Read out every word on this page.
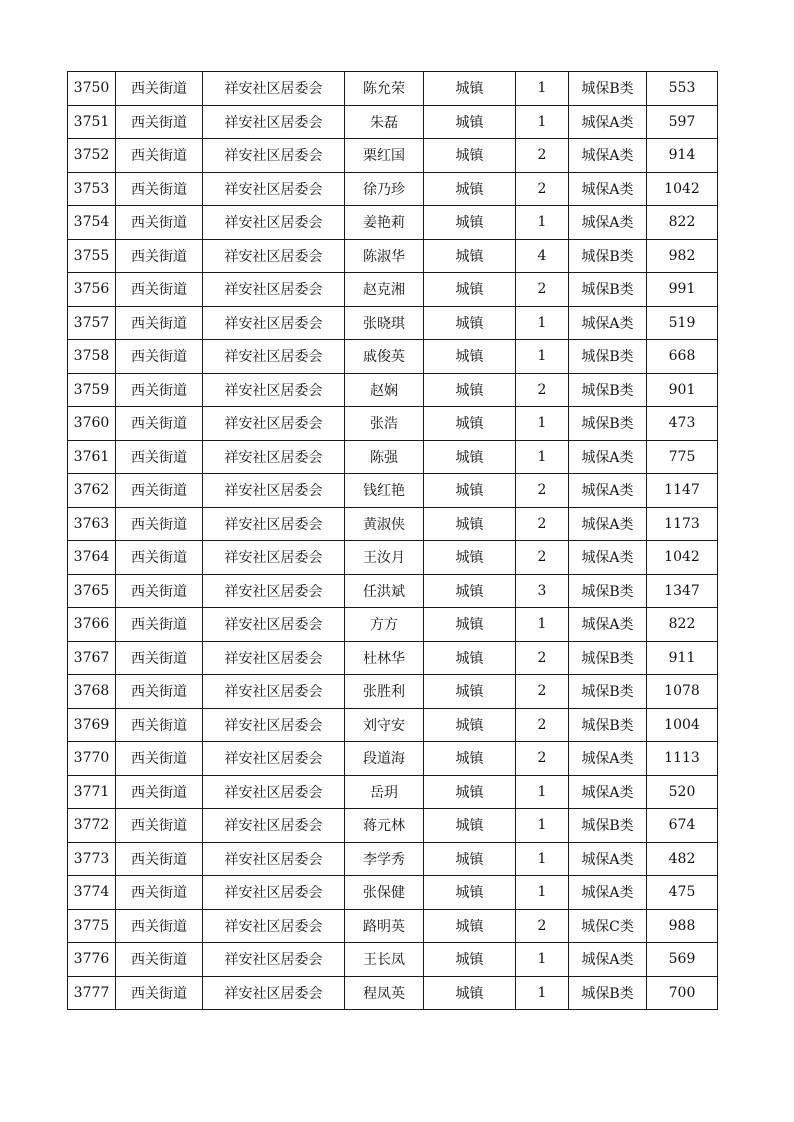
3750	西关街道	祥安社区居委会	陈允荣	城镇	1	城保B类	553
3751	西关街道	祥安社区居委会	朱磊	城镇	1	城保A类	597
3752	西关街道	祥安社区居委会	栗红国	城镇	2	城保A类	914
3753	西关街道	祥安社区居委会	徐乃珍	城镇	2	城保A类	1042
3754	西关街道	祥安社区居委会	姜艳莉	城镇	1	城保A类	822
3755	西关街道	祥安社区居委会	陈淑华	城镇	4	城保B类	982
3756	西关街道	祥安社区居委会	赵克湘	城镇	2	城保B类	991
3757	西关街道	祥安社区居委会	张晓琪	城镇	1	城保A类	519
3758	西关街道	祥安社区居委会	戚俊英	城镇	1	城保B类	668
3759	西关街道	祥安社区居委会	赵娴	城镇	2	城保B类	901
3760	西关街道	祥安社区居委会	张浩	城镇	1	城保B类	473
3761	西关街道	祥安社区居委会	陈强	城镇	1	城保A类	775
3762	西关街道	祥安社区居委会	钱红艳	城镇	2	城保A类	1147
3763	西关街道	祥安社区居委会	黄淑侠	城镇	2	城保A类	1173
3764	西关街道	祥安社区居委会	王汝月	城镇	2	城保A类	1042
3765	西关街道	祥安社区居委会	任洪斌	城镇	3	城保B类	1347
3766	西关街道	祥安社区居委会	方方	城镇	1	城保A类	822
3767	西关街道	祥安社区居委会	杜林华	城镇	2	城保B类	911
3768	西关街道	祥安社区居委会	张胜利	城镇	2	城保B类	1078
3769	西关街道	祥安社区居委会	刘守安	城镇	2	城保B类	1004
3770	西关街道	祥安社区居委会	段道海	城镇	2	城保A类	1113
3771	西关街道	祥安社区居委会	岳玥	城镇	1	城保A类	520
3772	西关街道	祥安社区居委会	蒋元林	城镇	1	城保B类	674
3773	西关街道	祥安社区居委会	李学秀	城镇	1	城保A类	482
3774	西关街道	祥安社区居委会	张保健	城镇	1	城保A类	475
3775	西关街道	祥安社区居委会	路明英	城镇	2	城保C类	988
3776	西关街道	祥安社区居委会	王长凤	城镇	1	城保A类	569
3777	西关街道	祥安社区居委会	程凤英	城镇	1	城保B类	700
